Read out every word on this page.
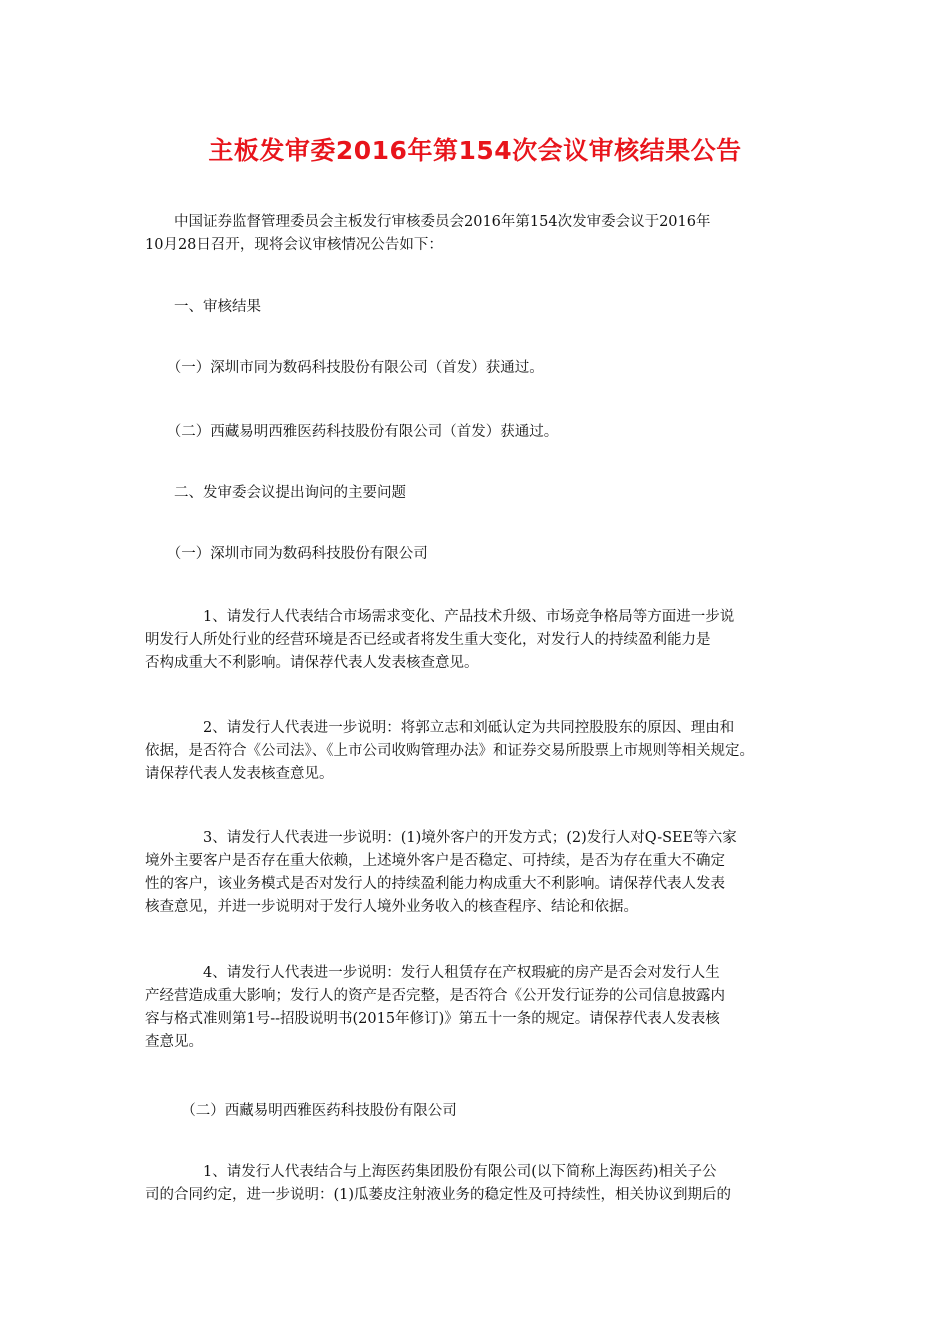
主板发审委2016年第154次会议审核结果公告

　　中国证券监督管理委员会主板发行审核委员会2016年第154次发审委会议于2016年
10月28日召开，现将会议审核情况公告如下：

　　一、审核结果

　　（一）深圳市同为数码科技股份有限公司（首发）获通过。

　　（二）西藏易明西雅医药科技股份有限公司（首发）获通过。

　　二、发审委会议提出询问的主要问题

　　（一）深圳市同为数码科技股份有限公司

　　　　1、请发行人代表结合市场需求变化、产品技术升级、市场竞争格局等方面进一步说
明发行人所处行业的经营环境是否已经或者将发生重大变化，对发行人的持续盈利能力是
否构成重大不利影响。请保荐代表人发表核查意见。

　　　　2、请发行人代表进一步说明：将郭立志和刘砥认定为共同控股股东的原因、理由和
依据，是否符合《公司法》、《上市公司收购管理办法》和证券交易所股票上市规则等相关规定。
请保荐代表人发表核查意见。

　　　　3、请发行人代表进一步说明：(1)境外客户的开发方式；(2)发行人对Q-SEE等六家
境外主要客户是否存在重大依赖，上述境外客户是否稳定、可持续，是否为存在重大不确定
性的客户，该业务模式是否对发行人的持续盈利能力构成重大不利影响。请保荐代表人发表
核查意见，并进一步说明对于发行人境外业务收入的核查程序、结论和依据。

　　　　4、请发行人代表进一步说明：发行人租赁存在产权瑕疵的房产是否会对发行人生
产经营造成重大影响；发行人的资产是否完整，是否符合《公开发行证券的公司信息披露内
容与格式准则第1号--招股说明书(2015年修订)》第五十一条的规定。请保荐代表人发表核
查意见。

　　　（二）西藏易明西雅医药科技股份有限公司

　　　　1、请发行人代表结合与上海医药集团股份有限公司(以下简称上海医药)相关子公
司的合同约定，进一步说明：(1)瓜蒌皮注射液业务的稳定性及可持续性，相关协议到期后的
